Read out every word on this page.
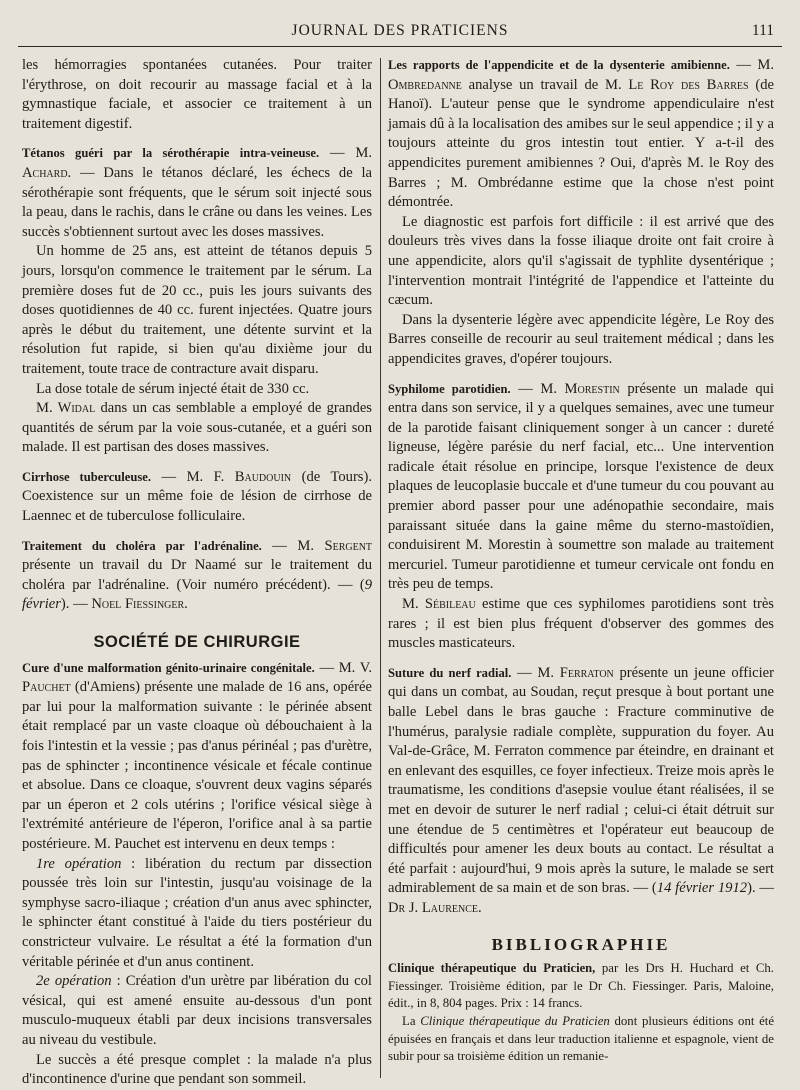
JOURNAL DES PRATICIENS	111

les hémorragies spontanées cutanées. Pour traiter l'érythrose, on doit recourir au massage facial et à la gymnastique faciale, et associer ce traitement à un traitement digestif.

Tétanos guéri par la sérothérapie intra-veineuse. — M. Achard. — Dans le tétanos déclaré, les échecs de la sérothérapie sont fréquents, que le sérum soit injecté sous la peau, dans le rachis, dans le crâne ou dans les veines. Les succès s'obtiennent surtout avec les doses massives.

Un homme de 25 ans, est atteint de tétanos depuis 5 jours, lorsqu'on commence le traitement par le sérum. La première doses fut de 20 cc., puis les jours suivants des doses quotidiennes de 40 cc. furent injectées. Quatre jours après le début du traitement, une détente survint et la résolution fut rapide, si bien qu'au dixième jour du traitement, toute trace de contracture avait disparu.

La dose totale de sérum injecté était de 330 cc.

M. Widal dans un cas semblable a employé de grandes quantités de sérum par la voie sous-cutanée, et a guéri son malade. Il est partisan des doses massives.

Cirrhose tuberculeuse. — M. F. Baudouin (de Tours). Coexistence sur un même foie de lésion de cirrhose de Laennec et de tuberculose folliculaire.

Traitement du choléra par l'adrénaline. — M. Sergent présente un travail du Dr Naamé sur le traitement du choléra par l'adrénaline. (Voir numéro précédent). — (9 février). — Noel Fiessinger.

SOCIÉTÉ DE CHIRURGIE

Cure d'une malformation génito-urinaire congénitale. — M. V. Pauchet (d'Amiens) présente une malade de 16 ans, opérée par lui pour la malformation suivante : le périnée absent était remplacé par un vaste cloaque où débouchaient à la fois l'intestin et la vessie ; pas d'anus périnéal ; pas d'urètre, pas de sphincter ; incontinence vésicale et fécale continue et absolue. Dans ce cloaque, s'ouvrent deux vagins séparés par un éperon et 2 cols utérins ; l'orifice vésical siège à l'extrémité antérieure de l'éperon, l'orifice anal à sa partie postérieure. M. Pauchet est intervenu en deux temps :

1re opération : libération du rectum par dissection poussée très loin sur l'intestin, jusqu'au voisinage de la symphyse sacro-iliaque ; création d'un anus avec sphincter, le sphincter étant constitué à l'aide du tiers postérieur du constricteur vulvaire. Le résultat a été la formation d'un véritable périnée et d'un anus continent.

2e opération : Création d'un urètre par libération du col vésical, qui est amené ensuite au-dessous d'un pont musculo-muqueux établi par deux incisions transversales au niveau du vestibule.

Le succès a été presque complet : la malade n'a plus d'incontinence d'urine que pendant son sommeil.

Les rapports de l'appendicite et de la dysenterie amibienne. — M. Ombredanne analyse un travail de M. Le Roy des Barres (de Hanoï). L'auteur pense que le syndrome appendiculaire n'est jamais dû à la localisation des amibes sur le seul appendice ; il y a toujours atteinte du gros intestin tout entier. Y a-t-il des appendicites purement amibiennes ? Oui, d'après M. le Roy des Barres ; M. Ombrédanne estime que la chose n'est point démontrée.

Le diagnostic est parfois fort difficile : il est arrivé que des douleurs très vives dans la fosse iliaque droite ont fait croire à une appendicite, alors qu'il s'agissait de typhlite dysentérique ; l'intervention montrait l'intégrité de l'appendice et l'atteinte du cæcum.

Dans la dysenterie légère avec appendicite légère, Le Roy des Barres conseille de recourir au seul traitement médical ; dans les appendicites graves, d'opérer toujours.

Syphilome parotidien. — M. Morestin présente un malade qui entra dans son service, il y a quelques semaines, avec une tumeur de la parotide faisant cliniquement songer à un cancer : dureté ligneuse, légère parésie du nerf facial, etc... Une intervention radicale était résolue en principe, lorsque l'existence de deux plaques de leucoplasie buccale et d'une tumeur du cou pouvant au premier abord passer pour une adénopathie secondaire, mais paraissant située dans la gaine même du sterno-mastoïdien, conduisirent M. Morestin à soumettre son malade au traitement mercuriel. Tumeur parotidienne et tumeur cervicale ont fondu en très peu de temps.

M. Sébileau estime que ces syphilomes parotidiens sont très rares ; il est bien plus fréquent d'observer des gommes des muscles masticateurs.

Suture du nerf radial. — M. Ferraton présente un jeune officier qui dans un combat, au Soudan, reçut presque à bout portant une balle Lebel dans le bras gauche : Fracture comminutive de l'humérus, paralysie radiale complète, suppuration du foyer. Au Val-de-Grâce, M. Ferraton commence par éteindre, en drainant et en enlevant des esquilles, ce foyer infectieux. Treize mois après le traumatisme, les conditions d'asepsie voulue étant réalisées, il se met en devoir de suturer le nerf radial ; celui-ci était détruit sur une étendue de 5 centimètres et l'opérateur eut beaucoup de difficultés pour amener les deux bouts au contact. Le résultat a été parfait : aujourd'hui, 9 mois après la suture, le malade se sert admirablement de sa main et de son bras. — (14 février 1912). — Dr J. Laurence.

BIBLIOGRAPHIE

Clinique thérapeutique du Praticien, par les Drs H. Huchard et Ch. Fiessinger. Troisième édition, par le Dr Ch. Fiessinger. Paris, Maloine, édit., in 8, 804 pages. Prix : 14 francs.

La Clinique thérapeutique du Praticien dont plusieurs éditions ont été épuisées en français et dans leur traduction italienne et espagnole, vient de subir pour sa troisième édition un remanie-
